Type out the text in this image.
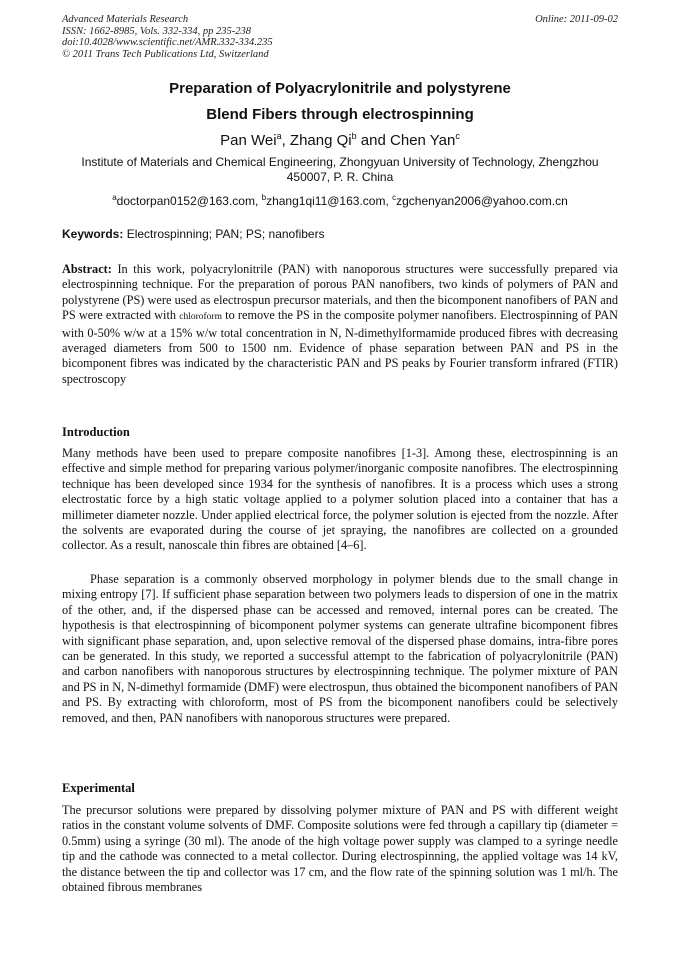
Advanced Materials Research
ISSN: 1662-8985, Vols. 332-334, pp 235-238
doi:10.4028/www.scientific.net/AMR.332-334.235
© 2011 Trans Tech Publications Ltd, Switzerland
Online: 2011-09-02
Preparation of Polyacrylonitrile and polystyrene
Blend Fibers through electrospinning
Pan Wei$^a$, Zhang Qi$^b$ and Chen Yan$^c$
Institute of Materials and Chemical Engineering, Zhongyuan University of Technology, Zhengzhou
450007, P. R. China
$^a$doctorpan0152@163.com, $^b$zhang1qi11@163.com, $^c$zgchenyan2006@yahoo.com.cn
Keywords: Electrospinning; PAN; PS; nanofibers
Abstract: In this work, polyacrylonitrile (PAN) with nanoporous structures were successfully prepared via electrospinning technique. For the preparation of porous PAN nanofibers, two kinds of polymers of PAN and polystyrene (PS) were used as electrospun precursor materials, and then the bicomponent nanofibers of PAN and PS were extracted with chloroform to remove the PS in the composite polymer nanofibers. Electrospinning of PAN with 0-50% w/w at a 15% w/w total concentration in N, N-dimethylformamide produced fibres with decreasing averaged diameters from 500 to 1500 nm. Evidence of phase separation between PAN and PS in the bicomponent fibres was indicated by the characteristic PAN and PS peaks by Fourier transform infrared (FTIR) spectroscopy
Introduction
Many methods have been used to prepare composite nanofibres [1-3]. Among these, electrospinning is an effective and simple method for preparing various polymer/inorganic composite nanofibres. The electrospinning technique has been developed since 1934 for the synthesis of nanofibres. It is a process which uses a strong electrostatic force by a high static voltage applied to a polymer solution placed into a container that has a millimeter diameter nozzle. Under applied electrical force, the polymer solution is ejected from the nozzle. After the solvents are evaporated during the course of jet spraying, the nanofibres are collected on a grounded collector. As a result, nanoscale thin fibres are obtained [4–6].
Phase separation is a commonly observed morphology in polymer blends due to the small change in mixing entropy [7]. If sufficient phase separation between two polymers leads to dispersion of one in the matrix of the other, and, if the dispersed phase can be accessed and removed, internal pores can be created. The hypothesis is that electrospinning of bicomponent polymer systems can generate ultrafine bicomponent fibres with significant phase separation, and, upon selective removal of the dispersed phase domains, intra-fibre pores can be generated. In this study, we reported a successful attempt to the fabrication of polyacrylonitrile (PAN) and carbon nanofibers with nanoporous structures by electrospinning technique. The polymer mixture of PAN and PS in N, N-dimethyl formamide (DMF) were electrospun, thus obtained the bicomponent nanofibers of PAN and PS. By extracting with chloroform, most of PS from the bicomponent nanofibers could be selectively removed, and then, PAN nanofibers with nanoporous structures were prepared.
Experimental
The precursor solutions were prepared by dissolving polymer mixture of PAN and PS with different weight ratios in the constant volume solvents of DMF. Composite solutions were fed through a capillary tip (diameter = 0.5mm) using a syringe (30 ml). The anode of the high voltage power supply was clamped to a syringe needle tip and the cathode was connected to a metal collector. During electrospinning, the applied voltage was 14 kV, the distance between the tip and collector was 17 cm, and the flow rate of the spinning solution was 1 ml/h. The obtained fibrous membranes
